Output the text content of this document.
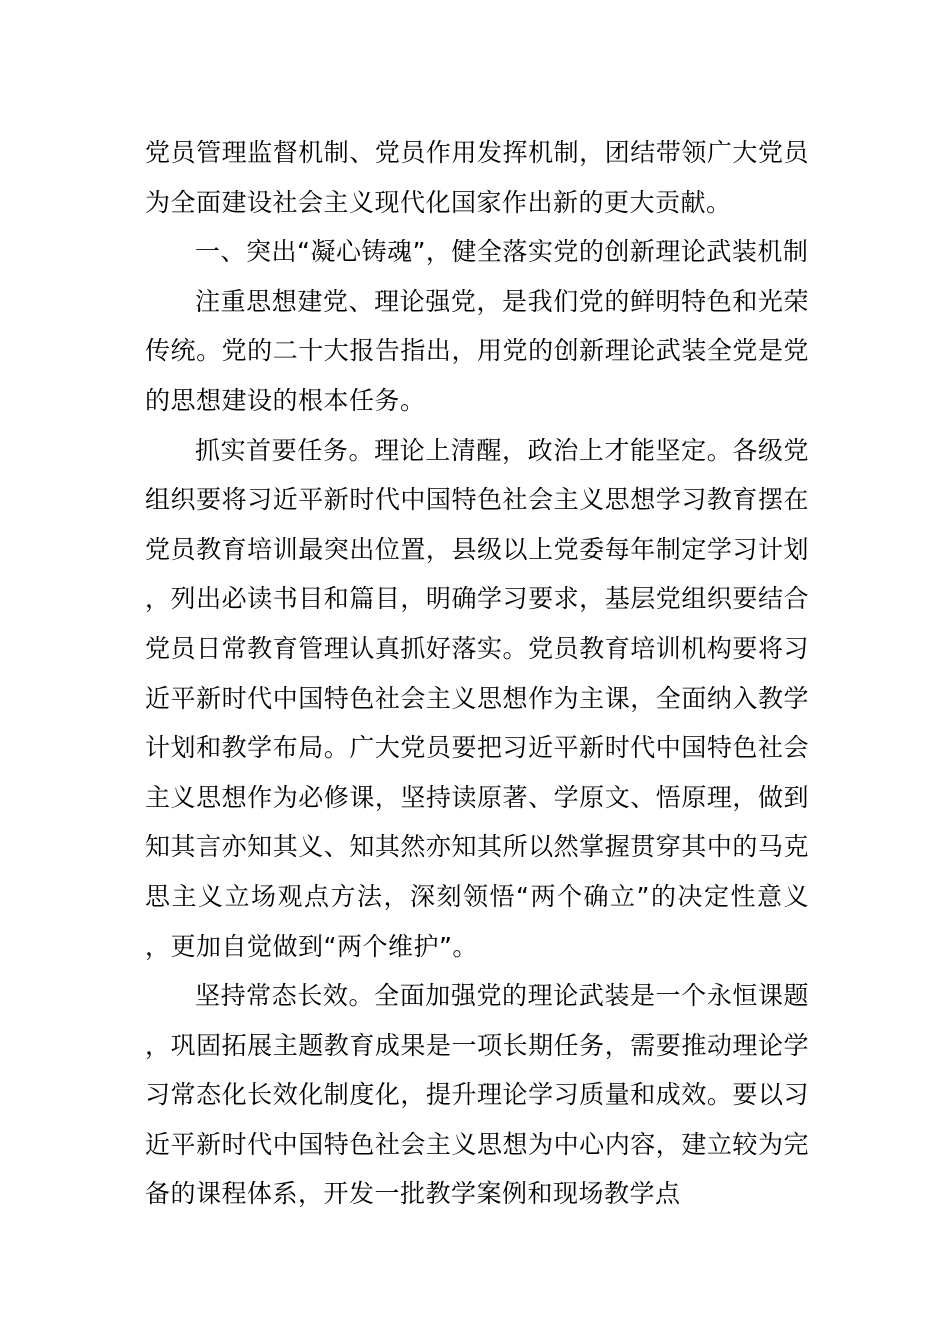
党员管理监督机制、党员作用发挥机制，团结带领广大党员为全面建设社会主义现代化国家作出新的更大贡献。

一、突出“凝心铸魂”，健全落实党的创新理论武装机制

注重思想建党、理论强党，是我们党的鲜明特色和光荣传统。党的二十大报告指出，用党的创新理论武装全党是党的思想建设的根本任务。

抓实首要任务。理论上清醒，政治上才能坚定。各级党组织要将习近平新时代中国特色社会主义思想学习教育摆在党员教育培训最突出位置，县级以上党委每年制定学习计划，列出必读书目和篇目，明确学习要求，基层党组织要结合党员日常教育管理认真抓好落实。党员教育培训机构要将习近平新时代中国特色社会主义思想作为主课，全面纳入教学计划和教学布局。广大党员要把习近平新时代中国特色社会主义思想作为必修课，坚持读原著、学原文、悟原理，做到知其言亦知其义、知其然亦知其所以然掌握贯穿其中的马克思主义立场观点方法，深刻领悟“两个确立”的决定性意义，更加自觉做到“两个维护”。

坚持常态长效。全面加强党的理论武装是一个永恒课题，巩固拓展主题教育成果是一项长期任务，需要推动理论学习常态化长效化制度化，提升理论学习质量和成效。要以习近平新时代中国特色社会主义思想为中心内容，建立较为完备的课程体系，开发一批教学案例和现场教学点
